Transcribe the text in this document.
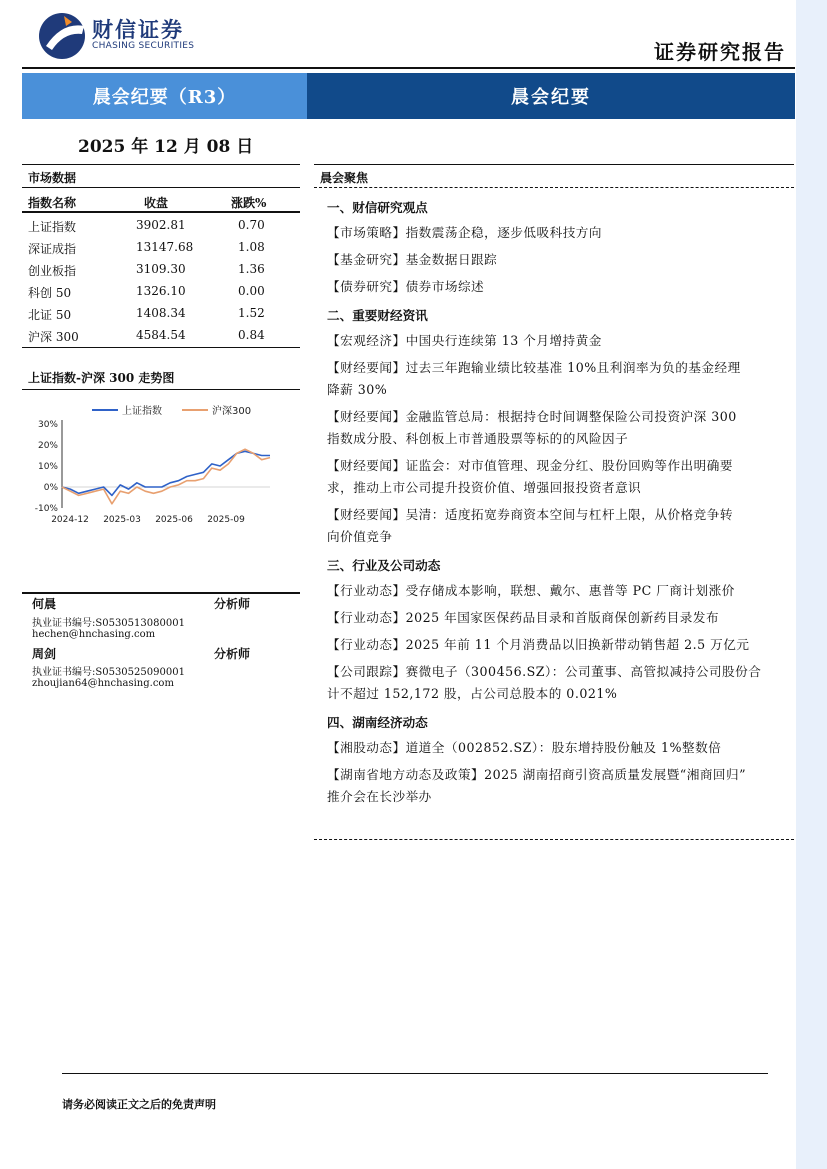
财信证券
CHASING SECURITIES	证券研究报告
晨会纪要（R3）	晨会纪要
2025 年 12 月 08 日
市场数据
指数名称	收盘	涨跌%
上证指数	3902.81	0.70
深证成指	13147.68	1.08
创业板指	3109.30	1.36
科创 50	1326.10	0.00
北证 50	1408.34	1.52
沪深 300	4584.54	0.84
上证指数-沪深 300 走势图
30%
20%
10%
0%
-10%
2024-12 2025-03 2025-06 2025-09
上证指数	沪深300
何晨	分析师
执业证书编号:S0530513080001
hechen@hnchasing.com
周剑	分析师
执业证书编号:S0530525090001
zhoujian64@hnchasing.com
晨会聚焦
一、财信研究观点
【市场策略】指数震荡企稳，逐步低吸科技方向
【基金研究】基金数据日跟踪
【债券研究】债券市场综述
二、重要财经资讯
【宏观经济】中国央行连续第 13 个月增持黄金
【财经要闻】过去三年跑输业绩比较基准 10%且利润率为负的基金经理
降薪 30%
【财经要闻】金融监管总局：根据持仓时间调整保险公司投资沪深 300
指数成分股、科创板上市普通股票等标的的风险因子
【财经要闻】证监会：对市值管理、现金分红、股份回购等作出明确要
求，推动上市公司提升投资价值、增强回报投资者意识
【财经要闻】吴清：适度拓宽券商资本空间与杠杆上限，从价格竞争转
向价值竞争
三、行业及公司动态
【行业动态】受存储成本影响，联想、戴尔、惠普等 PC 厂商计划涨价
【行业动态】2025 年国家医保药品目录和首版商保创新药目录发布
【行业动态】2025 年前 11 个月消费品以旧换新带动销售超 2.5 万亿元
【公司跟踪】赛微电子（300456.SZ）：公司董事、高管拟减持公司股份合
计不超过 152,172 股，占公司总股本的 0.021%
四、湖南经济动态
【湘股动态】道道全（002852.SZ）：股东增持股份触及 1%整数倍
【湖南省地方动态及政策】2025 湖南招商引资高质量发展暨“湘商回归”
推介会在长沙举办
请务必阅读正文之后的免责声明
